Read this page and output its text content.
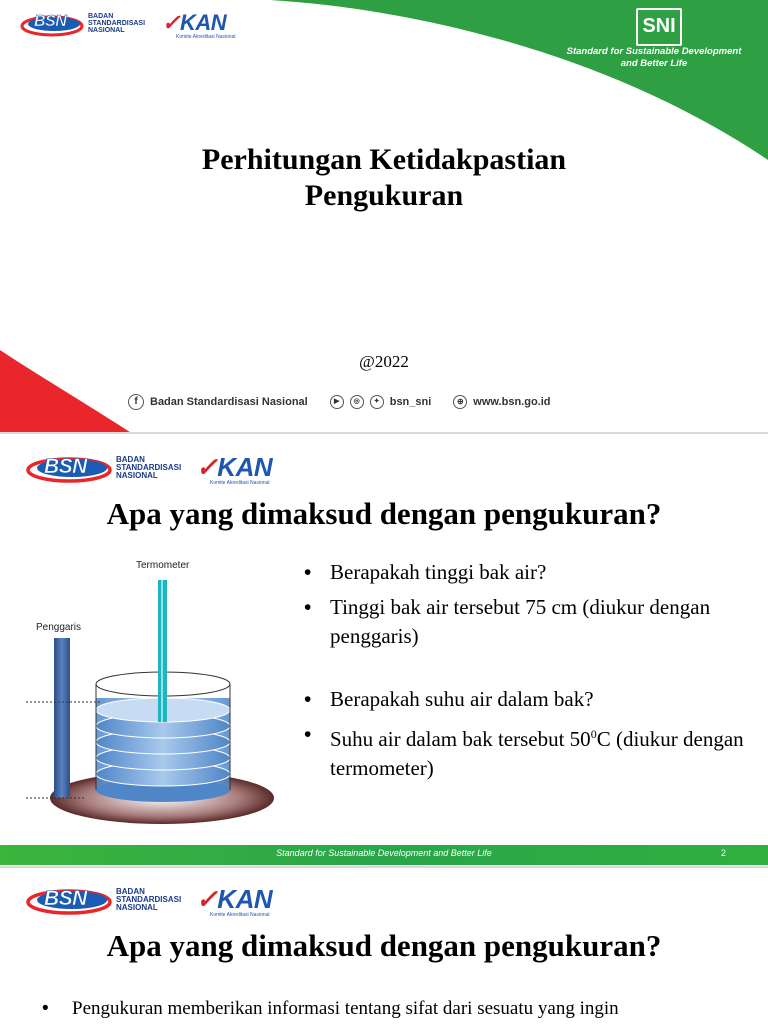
BSN	BADAN STANDARDISASI NASIONAL	✓KAN
Komite Akreditasi Nasional	SNI
Standard for Sustainable Development
and Better Life
Perhitungan Ketidakpastian
Pengukuran
@2022
f	Badan Standardisasi Nasional	▶	◎	✦ bsn_sni	⊕ www.bsn.go.id
BSN	BADAN STANDARDISASI NASIONAL	✓KAN
Komite Akreditasi Nasional
Apa yang dimaksud dengan pengukuran?
Termometer
Penggaris
• Berapakah tinggi bak air?
• Tinggi bak air tersebut 75 cm (diukur dengan penggaris)
• Berapakah suhu air dalam bak?
• Suhu air dalam bak tersebut $50^0C$ (diukur dengan termometer)
Standard for Sustainable Development and Better Life	2
BSN	BADAN STANDARDISASI NASIONAL	✓KAN
Komite Akreditasi Nasional
Apa yang dimaksud dengan pengukuran?
• Pengukuran memberikan informasi tentang sifat dari sesuatu yang ingin
